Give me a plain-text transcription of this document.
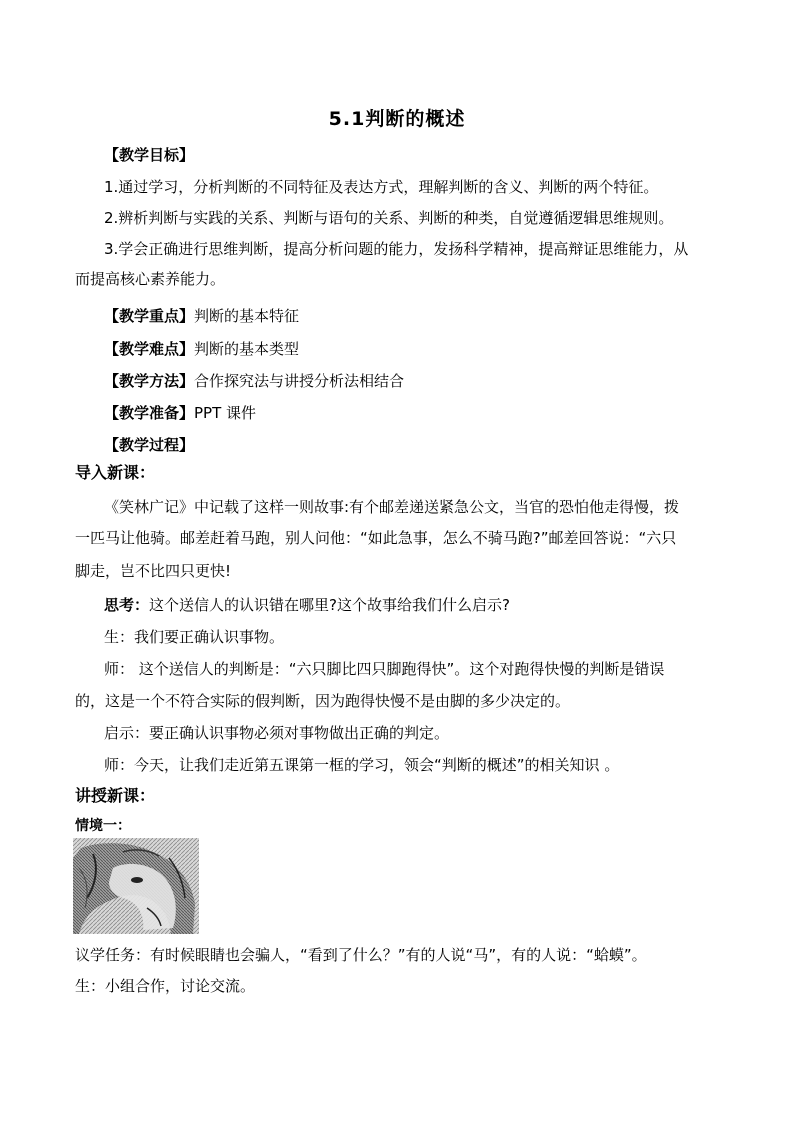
5.1判断的概述
【教学目标】
1.通过学习，分析判断的不同特征及表达方式，理解判断的含义、判断的两个特征。
2.辨析判断与实践的关系、判断与语句的关系、判断的种类，自觉遵循逻辑思维规则。
3.学会正确进行思维判断，提高分析问题的能力，发扬科学精神，提高辩证思维能力，从
而提高核心素养能力。
【教学重点】判断的基本特征
【教学难点】判断的基本类型
【教学方法】合作探究法与讲授分析法相结合
【教学准备】PPT 课件
【教学过程】
导入新课：
《笑林广记》中记载了这样一则故事:有个邮差递送紧急公文，当官的恐怕他走得慢，拨
一匹马让他骑。邮差赶着马跑，别人问他：“如此急事，怎么不骑马跑?”邮差回答说：“六只
脚走，岂不比四只更快!
思考：这个送信人的认识错在哪里?这个故事给我们什么启示?
生：我们要正确认识事物。
师： 这个送信人的判断是：“六只脚比四只脚跑得快”。这个对跑得快慢的判断是错误
的，这是一个不符合实际的假判断，因为跑得快慢不是由脚的多少决定的。
启示：要正确认识事物必须对事物做出正确的判定。
师：今天，让我们走近第五课第一框的学习，领会“判断的概述”的相关知识 。
讲授新课：
情境一：
议学任务：有时候眼睛也会骗人，“看到了什么？”有的人说“马”，有的人说：“蛤蟆”。
生：小组合作，讨论交流。
